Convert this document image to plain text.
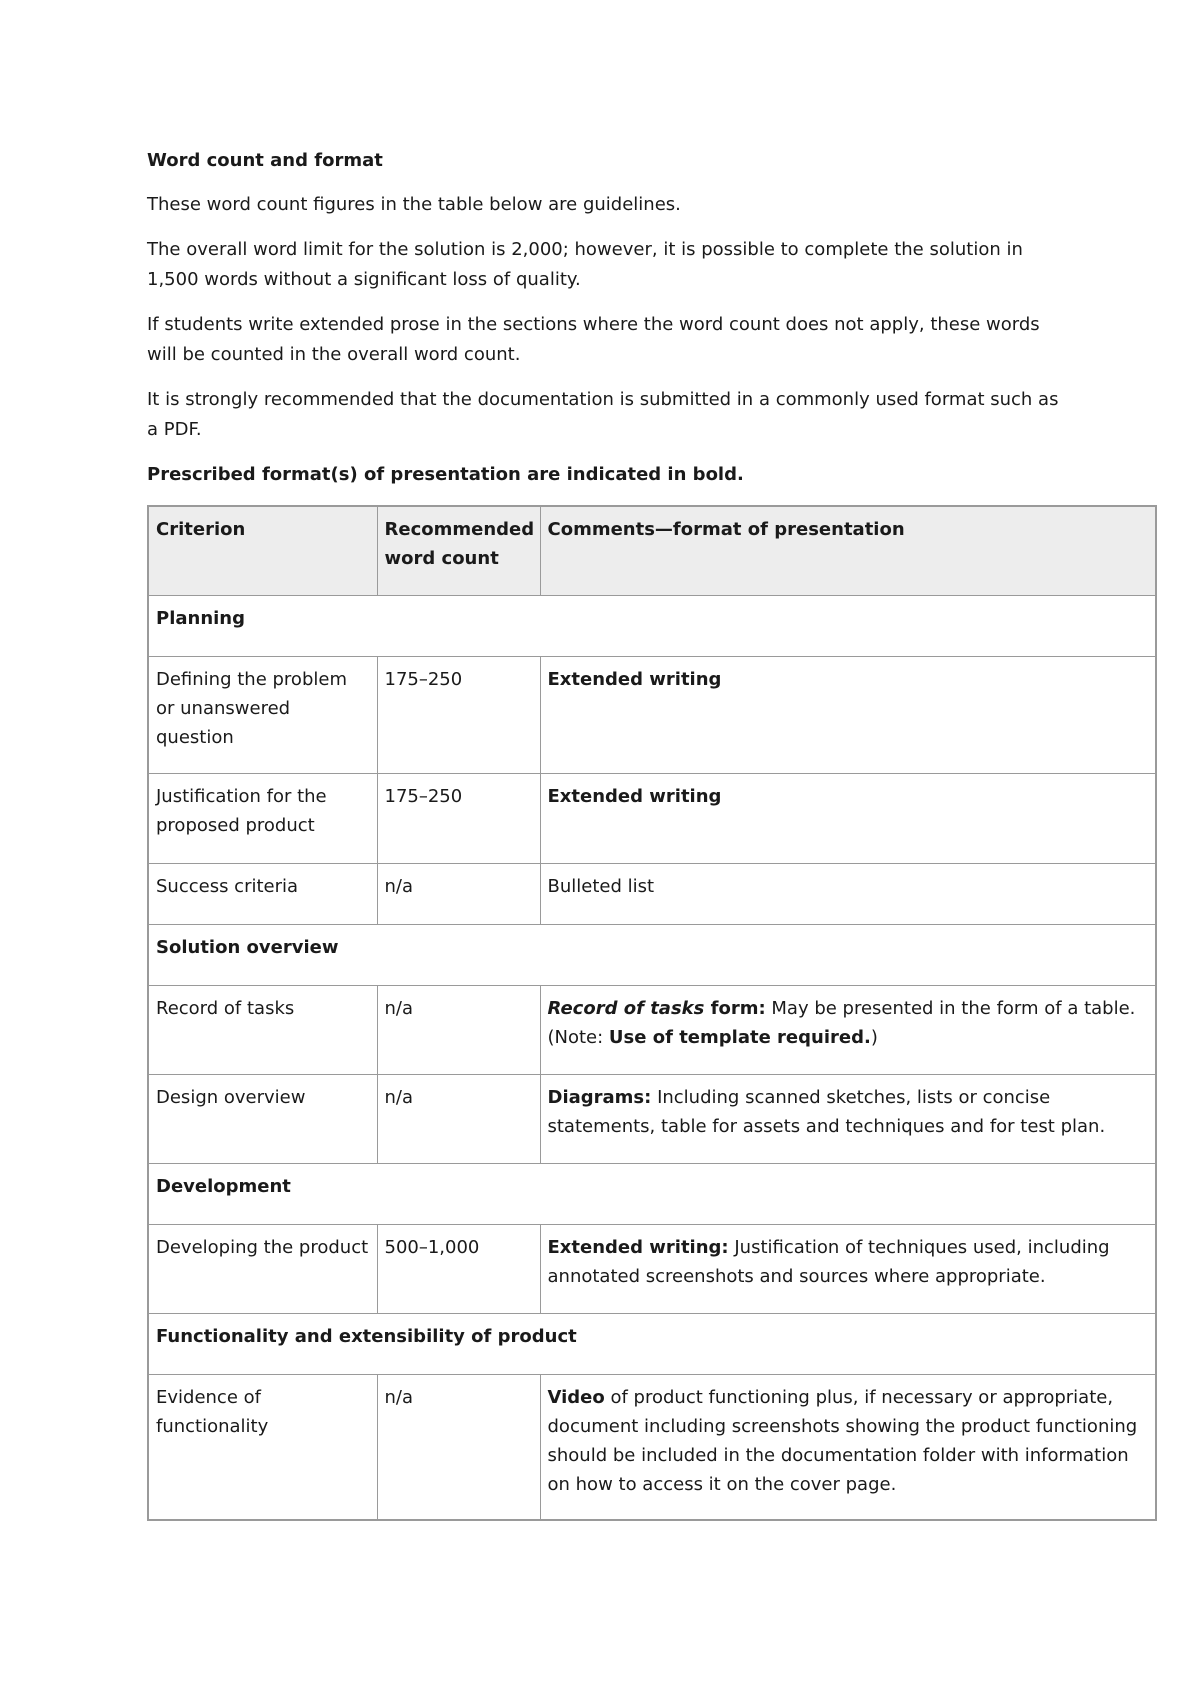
Word count and format

These word count figures in the table below are guidelines.

The overall word limit for the solution is 2,000; however, it is possible to complete the solution in 1,500 words without a significant loss of quality.

If students write extended prose in the sections where the word count does not apply, these words will be counted in the overall word count.

It is strongly recommended that the documentation is submitted in a commonly used format such as a PDF.

Prescribed format(s) of presentation are indicated in bold.

Criterion	Recommended word count	Comments—format of presentation
Planning		
Defining the problem or unanswered question	175–250	Extended writing
Justification for the proposed product	175–250	Extended writing
Success criteria	n/a	Bulleted list
Solution overview		
Record of tasks	n/a	Record of tasks form: May be presented in the form of a table.
(Note: Use of template required.)
Design overview	n/a	Diagrams: Including scanned sketches, lists or concise statements, table for assets and techniques and for test plan.
Development		
Developing the product	500–1,000	Extended writing: Justification of techniques used, including annotated screenshots and sources where appropriate.
Functionality and extensibility of product		
Evidence of functionality	n/a	Video of product functioning plus, if necessary or appropriate, document including screenshots showing the product functioning should be included in the documentation folder with information on how to access it on the cover page.
